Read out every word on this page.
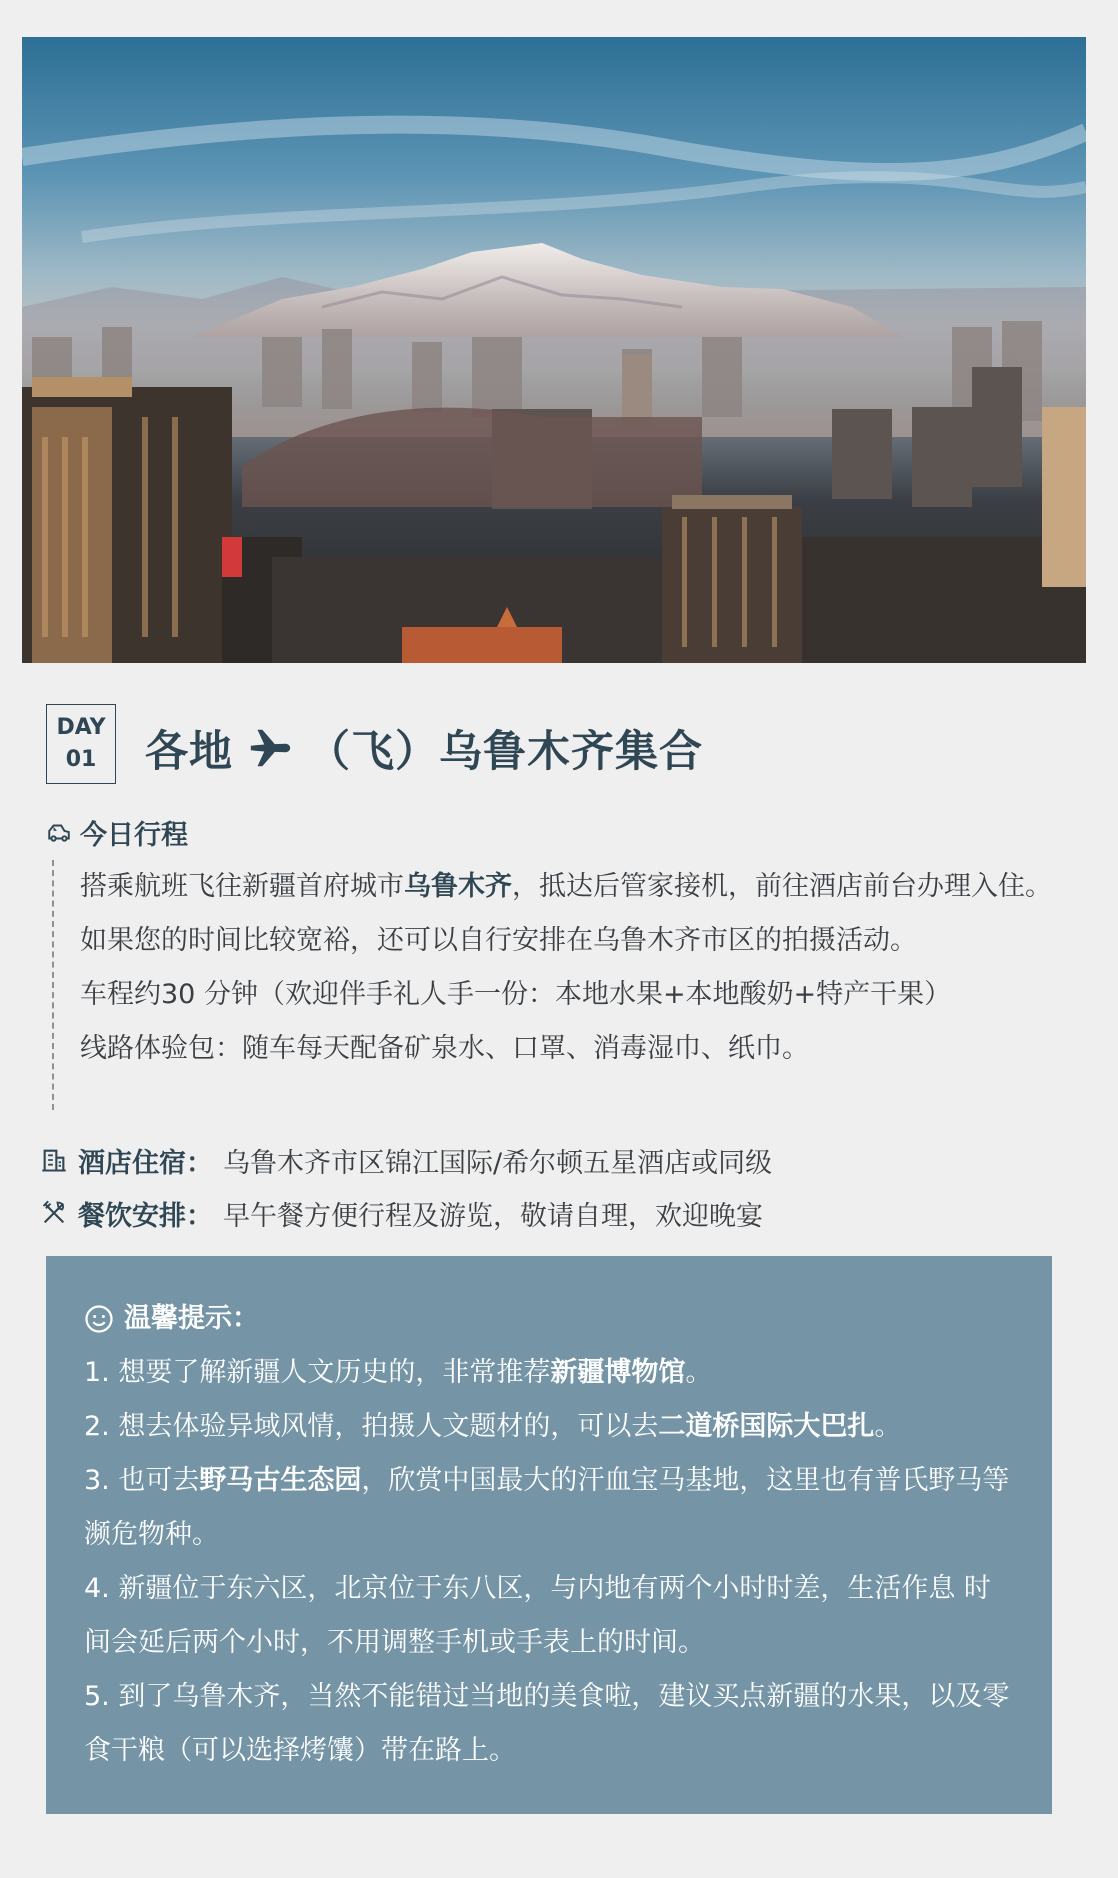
DAY
01	各地 （飞） 乌鲁木齐集合
今日行程

搭乘航班飞往新疆首府城市乌鲁木齐，抵达后管家接机，前往酒店前台办理入住。如果您的时间比较宽裕，还可以自行安排在乌鲁木齐市区的拍摄活动。

车程约30 分钟（欢迎伴手礼人手一份：本地水果+本地酸奶+特产干果）

线路体验包：随车每天配备矿泉水、口罩、消毒湿巾、纸巾。

酒店住宿： 乌鲁木齐市区锦江国际/希尔顿五星酒店或同级
餐饮安排： 早午餐方便行程及游览，敬请自理，欢迎晚宴
温馨提示：
1. 想要了解新疆人文历史的，非常推荐新疆博物馆。
2. 想去体验异域风情，拍摄人文题材的，可以去二道桥国际大巴扎。
3. 也可去野马古生态园，欣赏中国最大的汗血宝马基地，这里也有普氏野马等濒危物种。
4. 新疆位于东六区，北京位于东八区，与内地有两个小时时差，生活作息 时间会延后两个小时，不用调整手机或手表上的时间。
5. 到了乌鲁木齐，当然不能错过当地的美食啦，建议买点新疆的水果，以及零食干粮（可以选择烤馕）带在路上。
